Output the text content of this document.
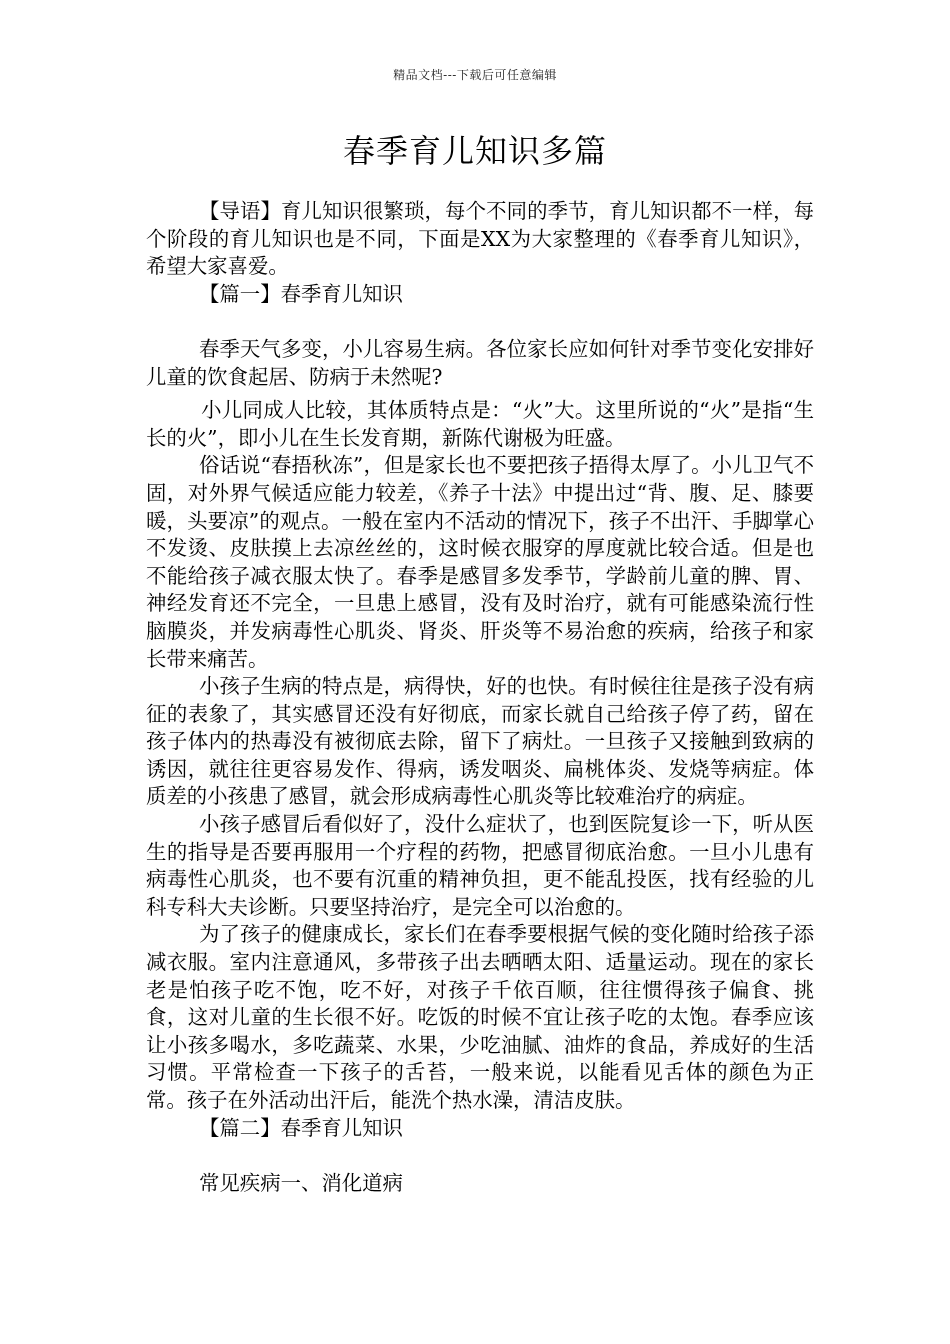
精品文档---下载后可任意编辑
春季育儿知识多篇

【导语】育儿知识很繁琐，每个不同的季节，育儿知识都不一样，每个阶段的育儿知识也是不同，下面是XX为大家整理的《春季育儿知识》，希望大家喜爱。

【篇一】春季育儿知识

春季天气多变，小儿容易生病。各位家长应如何针对季节变化安排好儿童的饮食起居、防病于未然呢?

小儿同成人比较，其体质特点是：“火”大。这里所说的“火”是指“生长的火”，即小儿在生长发育期，新陈代谢极为旺盛。

俗话说“春捂秋冻”，但是家长也不要把孩子捂得太厚了。小儿卫气不固，对外界气候适应能力较差，《养子十法》中提出过“背、腹、足、膝要暖，头要凉”的观点。一般在室内不活动的情况下，孩子不出汗、手脚掌心不发烫、皮肤摸上去凉丝丝的，这时候衣服穿的厚度就比较合适。但是也不能给孩子减衣服太快了。春季是感冒多发季节，学龄前儿童的脾、胃、神经发育还不完全，一旦患上感冒，没有及时治疗，就有可能感染流行性脑膜炎，并发病毒性心肌炎、肾炎、肝炎等不易治愈的疾病，给孩子和家长带来痛苦。

小孩子生病的特点是，病得快，好的也快。有时候往往是孩子没有病征的表象了，其实感冒还没有好彻底，而家长就自己给孩子停了药，留在孩子体内的热毒没有被彻底去除，留下了病灶。一旦孩子又接触到致病的诱因，就往往更容易发作、得病，诱发咽炎、扁桃体炎、发烧等病症。体质差的小孩患了感冒，就会形成病毒性心肌炎等比较难治疗的病症。

小孩子感冒后看似好了，没什么症状了，也到医院复诊一下，听从医生的指导是否要再服用一个疗程的药物，把感冒彻底治愈。一旦小儿患有病毒性心肌炎，也不要有沉重的精神负担，更不能乱投医，找有经验的儿科专科大夫诊断。只要坚持治疗，是完全可以治愈的。

为了孩子的健康成长，家长们在春季要根据气候的变化随时给孩子添减衣服。室内注意通风，多带孩子出去晒晒太阳、适量运动。现在的家长老是怕孩子吃不饱，吃不好，对孩子千依百顺，往往惯得孩子偏食、挑食，这对儿童的生长很不好。吃饭的时候不宜让孩子吃的太饱。春季应该让小孩多喝水，多吃蔬菜、水果，少吃油腻、油炸的食品，养成好的生活习惯。平常检查一下孩子的舌苔，一般来说，以能看见舌体的颜色为正常。孩子在外活动出汗后，能洗个热水澡，清洁皮肤。

【篇二】春季育儿知识

常见疾病一、消化道病
